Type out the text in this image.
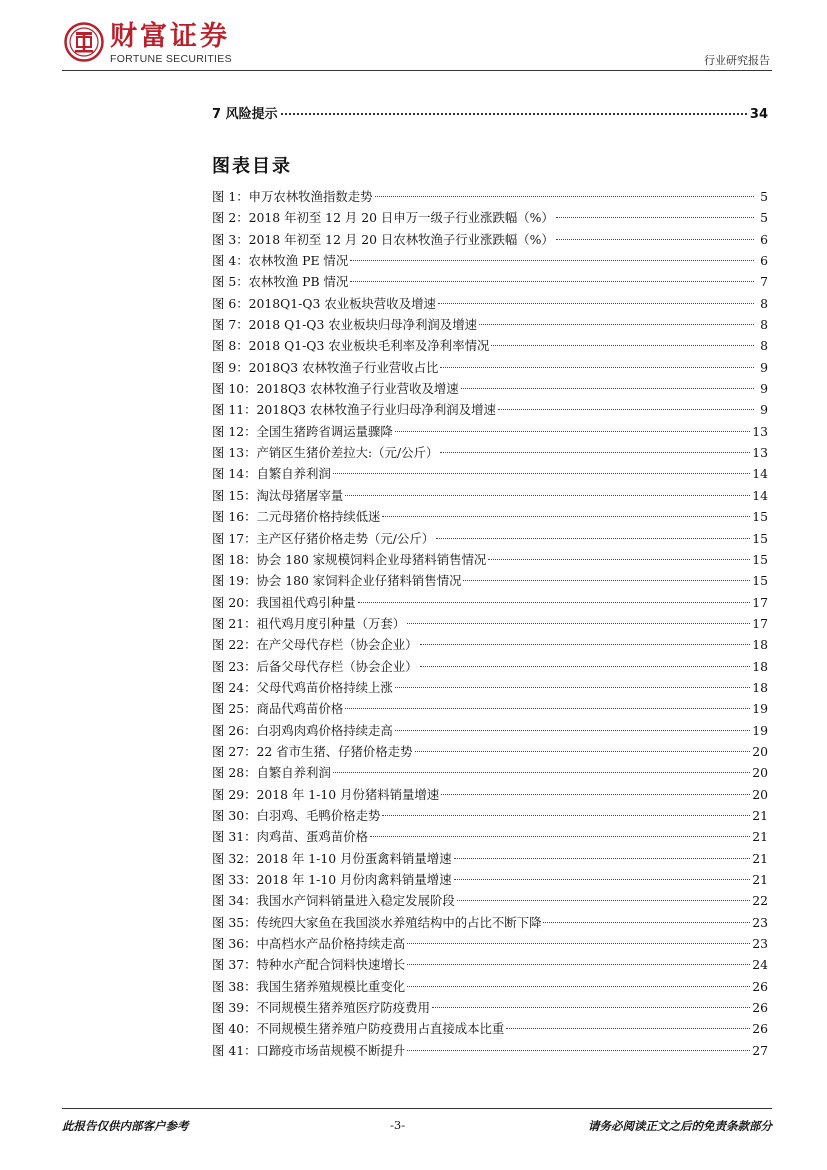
财富证券
FORTUNE SECURITIES	行业研究报告
7 风险提示	34
图表目录
图 1：申万农林牧渔指数走势	5
图 2：2018 年初至 12 月 20 日申万一级子行业涨跌幅（%）	5
图 3：2018 年初至 12 月 20 日农林牧渔子行业涨跌幅（%）	6
图 4：农林牧渔 PE 情况	6
图 5：农林牧渔 PB 情况	7
图 6：2018Q1-Q3 农业板块营收及增速	8
图 7：2018 Q1-Q3 农业板块归母净利润及增速	8
图 8：2018 Q1-Q3 农业板块毛利率及净利率情况	8
图 9：2018Q3 农林牧渔子行业营收占比	9
图 10：2018Q3 农林牧渔子行业营收及增速	9
图 11：2018Q3 农林牧渔子行业归母净利润及增速	9
图 12：全国生猪跨省调运量骤降	13
图 13：产销区生猪价差拉大:（元/公斤）	13
图 14：自繁自养利润	14
图 15：淘汰母猪屠宰量	14
图 16：二元母猪价格持续低迷	15
图 17：主产区仔猪价格走势（元/公斤）	15
图 18：协会 180 家规模饲料企业母猪料销售情况	15
图 19：协会 180 家饲料企业仔猪料销售情况	15
图 20：我国祖代鸡引种量	17
图 21：祖代鸡月度引种量（万套）	17
图 22：在产父母代存栏（协会企业）	18
图 23：后备父母代存栏（协会企业）	18
图 24：父母代鸡苗价格持续上涨	18
图 25：商品代鸡苗价格	19
图 26：白羽鸡肉鸡价格持续走高	19
图 27：22 省市生猪、仔猪价格走势	20
图 28：自繁自养利润	20
图 29：2018 年 1-10 月份猪料销量增速	20
图 30：白羽鸡、毛鸭价格走势	21
图 31：肉鸡苗、蛋鸡苗价格	21
图 32：2018 年 1-10 月份蛋禽料销量增速	21
图 33：2018 年 1-10 月份肉禽料销量增速	21
图 34：我国水产饲料销量进入稳定发展阶段	22
图 35：传统四大家鱼在我国淡水养殖结构中的占比不断下降	23
图 36：中高档水产品价格持续走高	23
图 37：特种水产配合饲料快速增长	24
图 38：我国生猪养殖规模比重变化	26
图 39：不同规模生猪养殖医疗防疫费用	26
图 40：不同规模生猪养殖户防疫费用占直接成本比重	26
图 41：口蹄疫市场苗规模不断提升	27
此报告仅供内部客户参考	-3-	请务必阅读正文之后的免责条款部分
